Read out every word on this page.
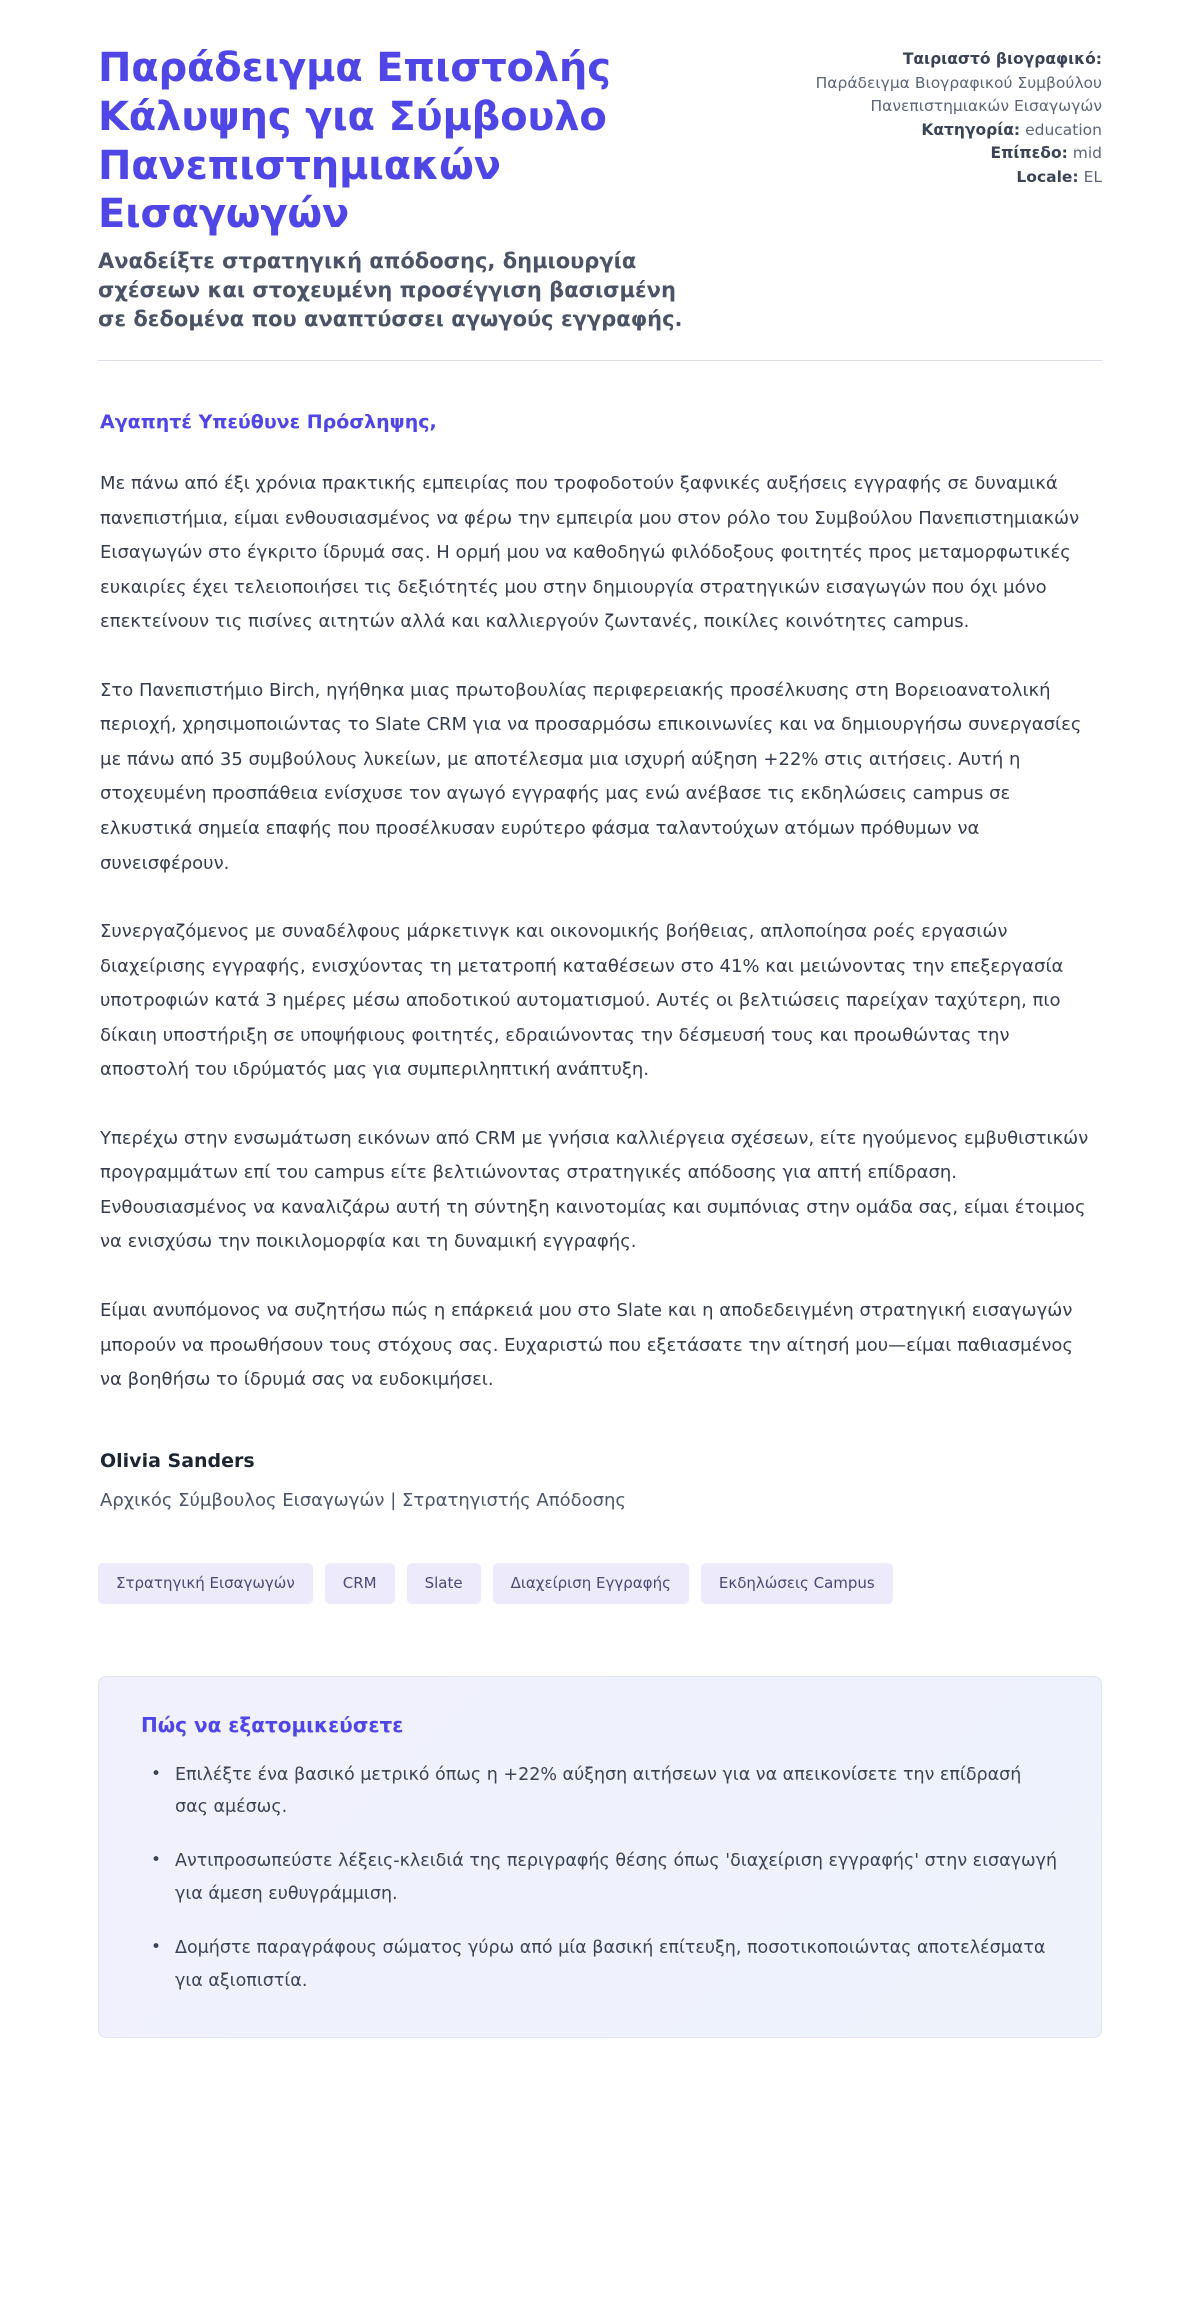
Παράδειγμα Επιστολής Κάλυψης για Σύμβουλο Πανεπιστημιακών Εισαγωγών

Αναδείξτε στρατηγική απόδοσης, δημιουργία σχέσεων και στοχευμένη προσέγγιση βασισμένη σε δεδομένα που αναπτύσσει αγωγούς εγγραφής.

Ταιριαστό βιογραφικό:
Παράδειγμα Βιογραφικού Συμβούλου Πανεπιστημιακών Εισαγωγών
Κατηγορία: education
Επίπεδο: mid
Locale: EL

Αγαπητέ Υπεύθυνε Πρόσληψης,

Με πάνω από έξι χρόνια πρακτικής εμπειρίας που τροφοδοτούν ξαφνικές αυξήσεις εγγραφής σε δυναμικά πανεπιστήμια, είμαι ενθουσιασμένος να φέρω την εμπειρία μου στον ρόλο του Συμβούλου Πανεπιστημιακών Εισαγωγών στο έγκριτο ίδρυμά σας. Η ορμή μου να καθοδηγώ φιλόδοξους φοιτητές προς μεταμορφωτικές ευκαιρίες έχει τελειοποιήσει τις δεξιότητές μου στην δημιουργία στρατηγικών εισαγωγών που όχι μόνο επεκτείνουν τις πισίνες αιτητών αλλά και καλλιεργούν ζωντανές, ποικίλες κοινότητες campus.

Στο Πανεπιστήμιο Birch, ηγήθηκα μιας πρωτοβουλίας περιφερειακής προσέλκυσης στη Βορειοανατολική περιοχή, χρησιμοποιώντας το Slate CRM για να προσαρμόσω επικοινωνίες και να δημιουργήσω συνεργασίες με πάνω από 35 συμβούλους λυκείων, με αποτέλεσμα μια ισχυρή αύξηση +22% στις αιτήσεις. Αυτή η στοχευμένη προσπάθεια ενίσχυσε τον αγωγό εγγραφής μας ενώ ανέβασε τις εκδηλώσεις campus σε ελκυστικά σημεία επαφής που προσέλκυσαν ευρύτερο φάσμα ταλαντούχων ατόμων πρόθυμων να συνεισφέρουν.

Συνεργαζόμενος με συναδέλφους μάρκετινγκ και οικονομικής βοήθειας, απλοποίησα ροές εργασιών διαχείρισης εγγραφής, ενισχύοντας τη μετατροπή καταθέσεων στο 41% και μειώνοντας την επεξεργασία υποτροφιών κατά 3 ημέρες μέσω αποδοτικού αυτοματισμού. Αυτές οι βελτιώσεις παρείχαν ταχύτερη, πιο δίκαιη υποστήριξη σε υποψήφιους φοιτητές, εδραιώνοντας την δέσμευσή τους και προωθώντας την αποστολή του ιδρύματός μας για συμπεριληπτική ανάπτυξη.

Υπερέχω στην ενσωμάτωση εικόνων από CRM με γνήσια καλλιέργεια σχέσεων, είτε ηγούμενος εμβυθιστικών προγραμμάτων επί του campus είτε βελτιώνοντας στρατηγικές απόδοσης για απτή επίδραση. Ενθουσιασμένος να καναλιζάρω αυτή τη σύντηξη καινοτομίας και συμπόνιας στην ομάδα σας, είμαι έτοιμος να ενισχύσω την ποικιλομορφία και τη δυναμική εγγραφής.

Είμαι ανυπόμονος να συζητήσω πώς η επάρκειά μου στο Slate και η αποδεδειγμένη στρατηγική εισαγωγών μπορούν να προωθήσουν τους στόχους σας. Ευχαριστώ που εξετάσατε την αίτησή μου—είμαι παθιασμένος να βοηθήσω το ίδρυμά σας να ευδοκιμήσει.

Olivia Sanders

Αρχικός Σύμβουλος Εισαγωγών | Στρατηγιστής Απόδοσης

Στρατηγική Εισαγωγών	CRM	Slate	Διαχείριση Εγγραφής	Εκδηλώσεις Campus
Πώς να εξατομικεύσετε
• Επιλέξτε ένα βασικό μετρικό όπως η +22% αύξηση αιτήσεων για να απεικονίσετε την επίδρασή σας αμέσως.
• Αντιπροσωπεύστε λέξεις-κλειδιά της περιγραφής θέσης όπως 'διαχείριση εγγραφής' στην εισαγωγή για άμεση ευθυγράμμιση.
• Δομήστε παραγράφους σώματος γύρω από μία βασική επίτευξη, ποσοτικοποιώντας αποτελέσματα για αξιοπιστία.
